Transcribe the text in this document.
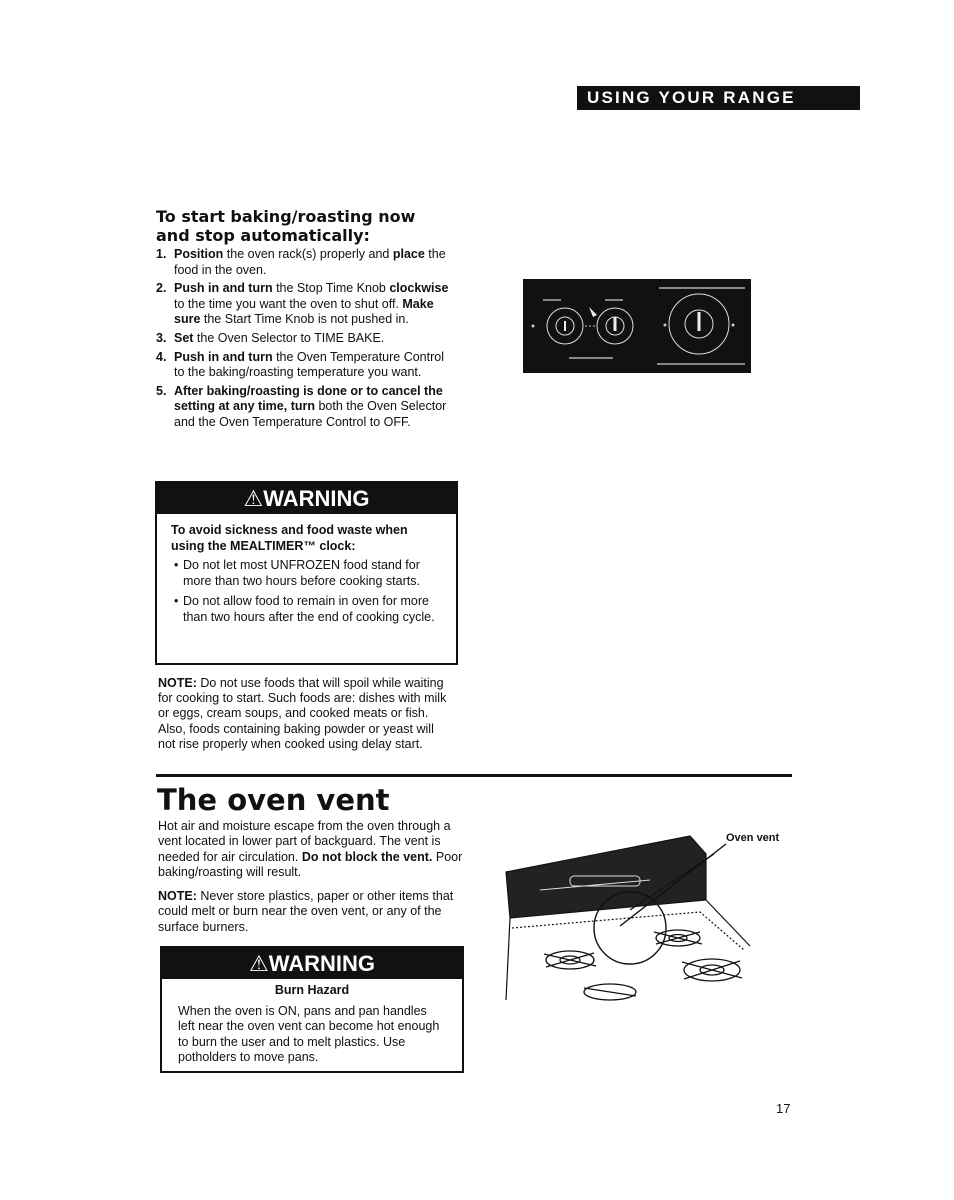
USING YOUR RANGE
To start baking/roasting now
and stop automatically:
1. Position the oven rack(s) properly and place the food in the oven.
2. Push in and turn the Stop Time Knob clockwise to the time you want the oven to shut off. Make sure the Start Time Knob is not pushed in.
3. Set the Oven Selector to TIME BAKE.
4. Push in and turn the Oven Temperature Control to the baking/roasting temperature you want.
5. After baking/roasting is done or to cancel the setting at any time, turn both the Oven Selector and the Oven Temperature Control to OFF.
⚠WARNING

To avoid sickness and food waste when using the MEALTIMER™ clock:

• Do not let most UNFROZEN food stand for more than two hours before cooking starts.
• Do not allow food to remain in oven for more than two hours after the end of cooking cycle.

NOTE: Do not use foods that will spoil while waiting for cooking to start. Such foods are: dishes with milk or eggs, cream soups, and cooked meats or fish. Also, foods containing baking powder or yeast will not rise properly when cooked using delay start.

The oven vent

Hot air and moisture escape from the oven through a vent located in lower part of backguard. The vent is needed for air circulation. Do not block the vent. Poor baking/roasting will result.

NOTE: Never store plastics, paper or other items that could melt or burn near the oven vent, or any of the surface burners.

⚠WARNING

Burn Hazard

When the oven is ON, pans and pan handles left near the oven vent can become hot enough to burn the user and to melt plastics. Use potholders to move pans.

Oven vent
17
